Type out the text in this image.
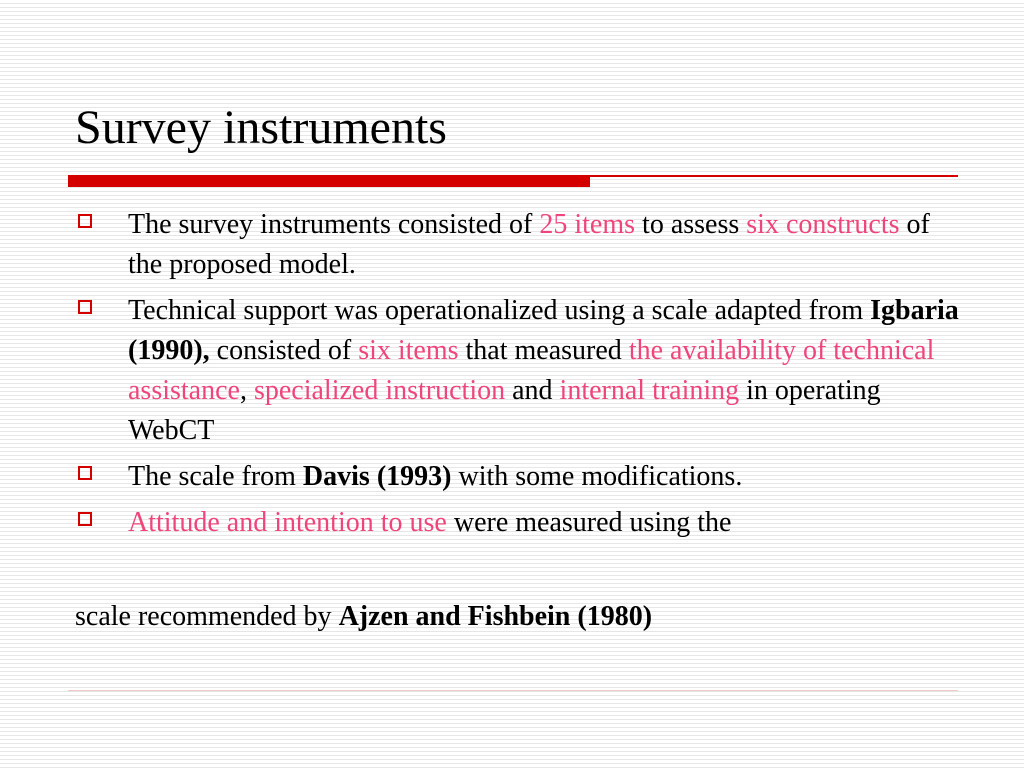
Survey instruments
The survey instruments consisted of 25 items to assess six constructs of the proposed model.
Technical support was operationalized using a scale adapted from Igbaria (1990), consisted of six items that measured the availability of technical assistance, specialized instruction and internal training in operating WebCT
The scale from Davis (1993) with some modifications.
Attitude and intention to use were measured using the

scale recommended by Ajzen and Fishbein (1980)
